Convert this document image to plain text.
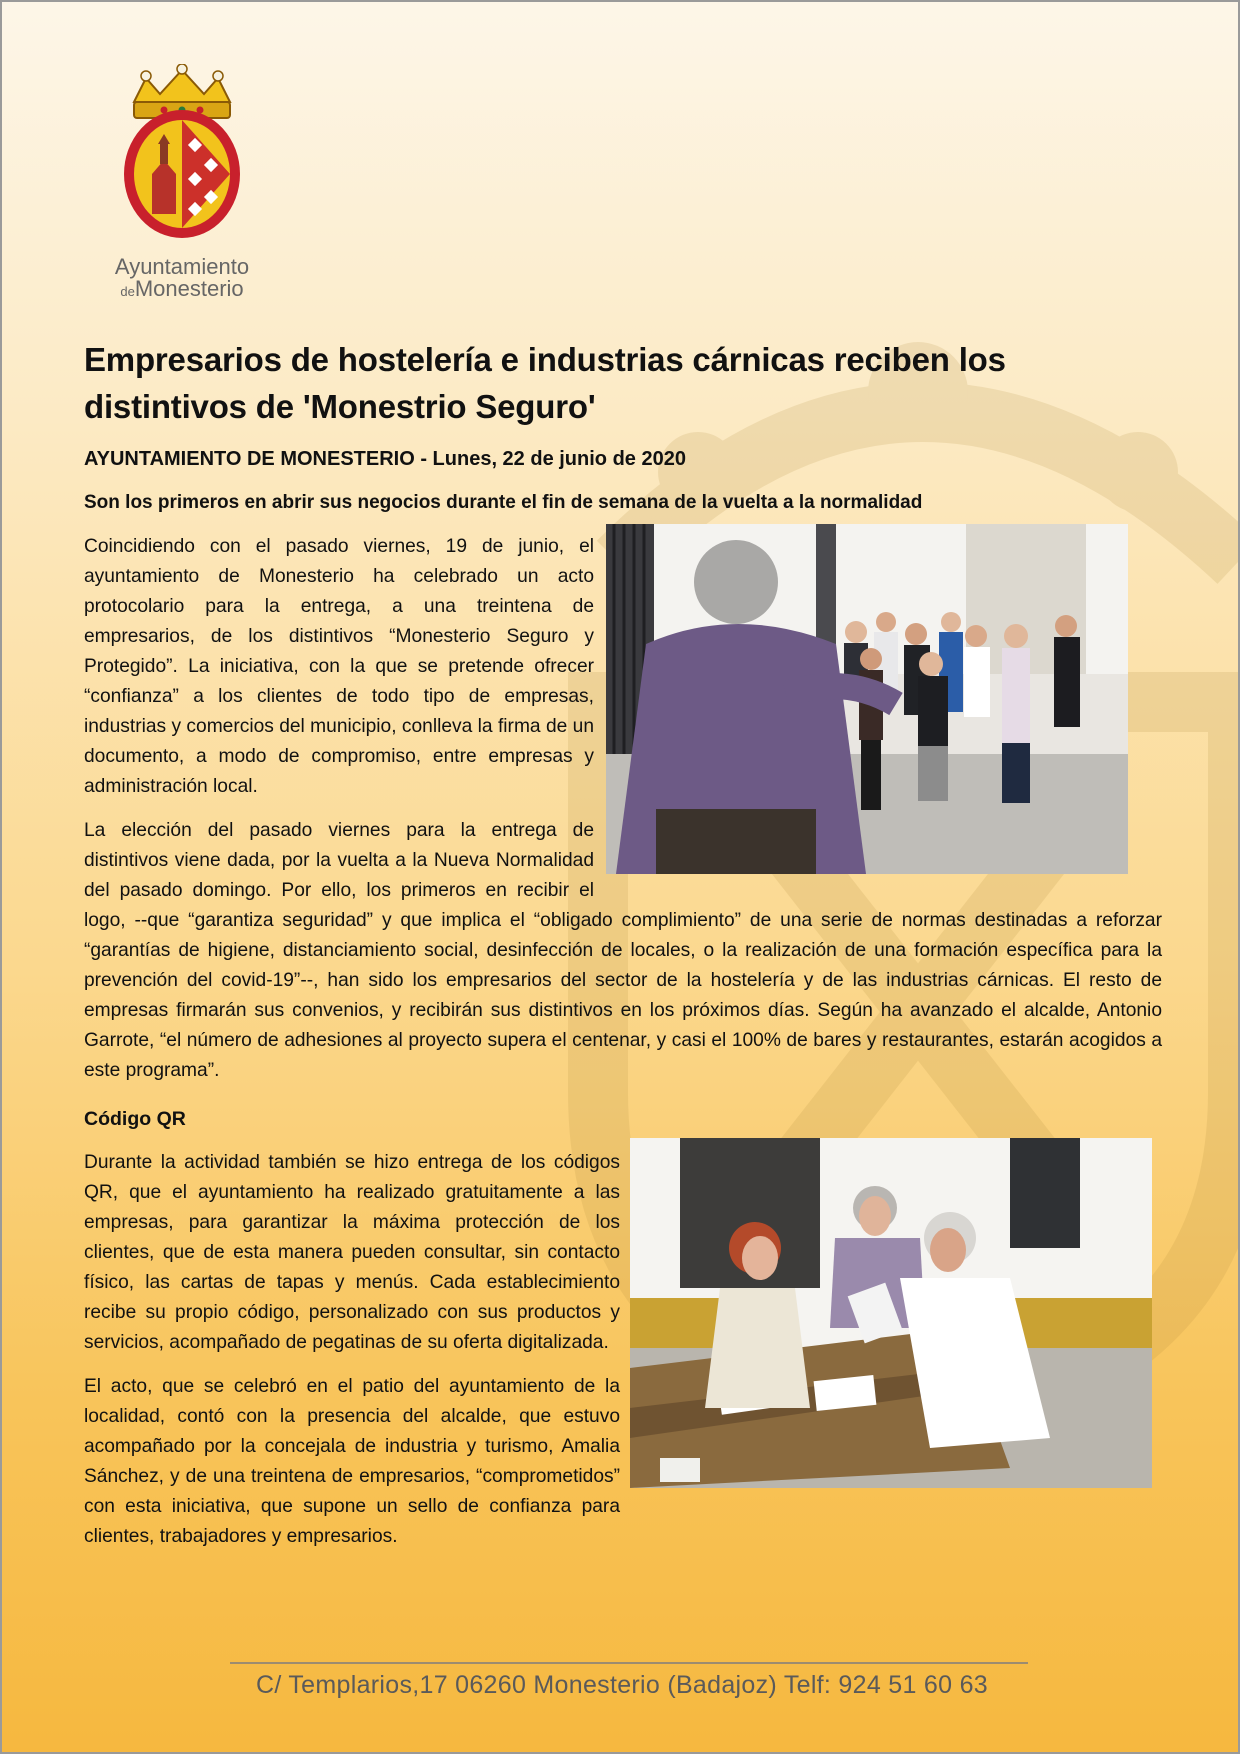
Ayuntamiento
deMonesterio
Empresarios de hostelería e industrias cárnicas reciben los distintivos de 'Monestrio Seguro'
AYUNTAMIENTO DE MONESTERIO - Lunes, 22 de junio de 2020
Son los primeros en abrir sus negocios durante el fin de semana de la vuelta a la normalidad

Coincidiendo con el pasado viernes, 19 de junio, el ayuntamiento de Monesterio ha celebrado un acto protocolario para la entrega, a una treintena de empresarios, de los distintivos “Monesterio Seguro y Protegido”. La iniciativa, con la que se pretende ofrecer “confianza” a los clientes de todo tipo de empresas, industrias y comercios del municipio, conlleva la firma de un documento, a modo de compromiso, entre empresas y administración local.

La elección del pasado viernes para la entrega de distintivos viene dada, por la vuelta a la Nueva Normalidad del pasado domingo. Por ello, los primeros en recibir el logo, --que “garantiza seguridad” y que implica el “obligado complimiento” de una serie de normas destinadas a reforzar “garantías de higiene, distanciamiento social, desinfección de locales, o la realización de una formación específica para la prevención del covid-19”--, han sido los empresarios del sector de la hostelería y de las industrias cárnicas. El resto de empresas firmarán sus convenios, y recibirán sus distintivos en los próximos días. Según ha avanzado el alcalde, Antonio Garrote, “el número de adhesiones al proyecto supera el centenar, y casi el 100% de bares y restaurantes, estarán acogidos a este programa”.

Código QR

Durante la actividad también se hizo entrega de los códigos QR, que el ayuntamiento ha realizado gratuitamente a las empresas, para garantizar la máxima protección de los clientes, que de esta manera pueden consultar, sin contacto físico, las cartas de tapas y menús. Cada establecimiento recibe su propio código, personalizado con sus productos y servicios, acompañado de pegatinas de su oferta digitalizada.

El acto, que se celebró en el patio del ayuntamiento de la localidad, contó con la presencia del alcalde, que estuvo acompañado por la concejala de industria y turismo, Amalia Sánchez, y de una treintena de empresarios, “comprometidos” con esta iniciativa, que supone un sello de confianza para clientes, trabajadores y empresarios.

C/ Templarios,17 06260 Monesterio (Badajoz) Telf: 924 51 60 63
